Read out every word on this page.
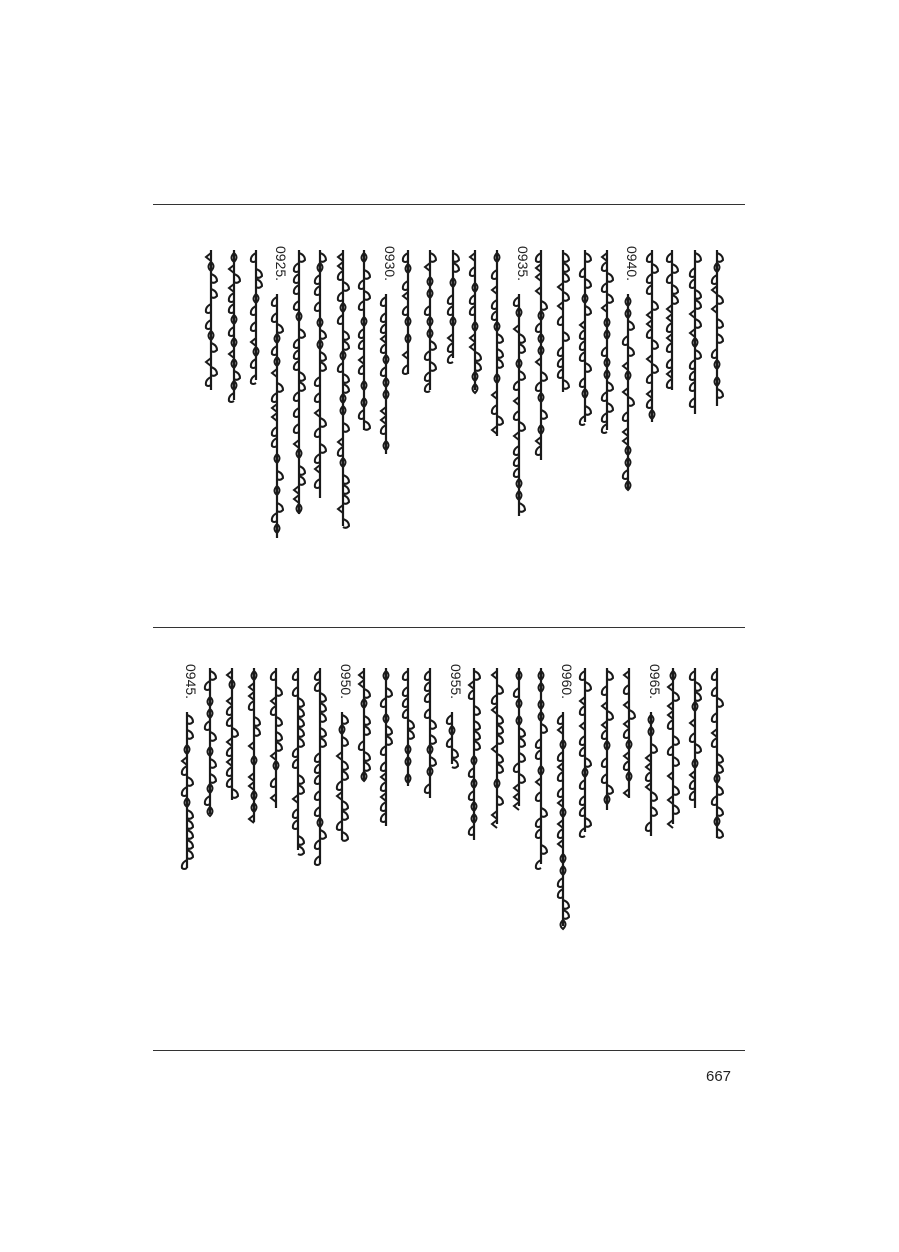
0940.
0935.
0930.
0925.
0965.
0960.
0955.
0950.
0945.
667
